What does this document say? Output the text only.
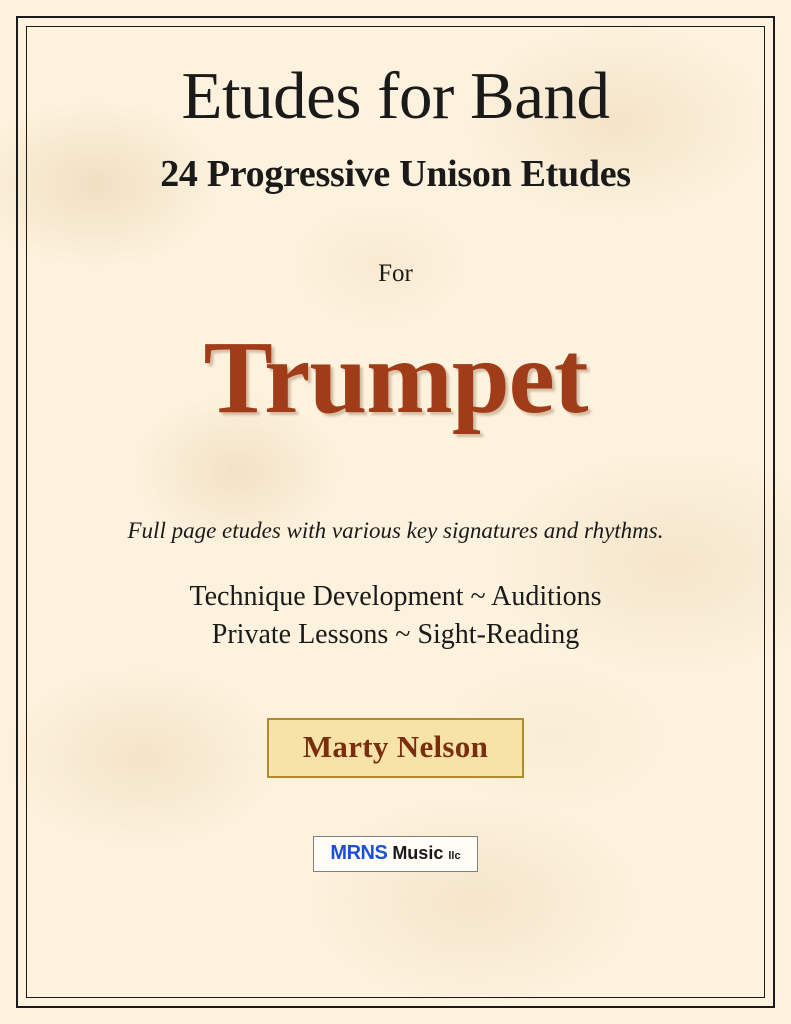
Etudes for Band
24 Progressive Unison Etudes
For
Trumpet
Full page etudes with various key signatures and rhythms.
Technique Development ~ Auditions
Private Lessons ~ Sight-Reading
Marty Nelson
MRNS Music llc
